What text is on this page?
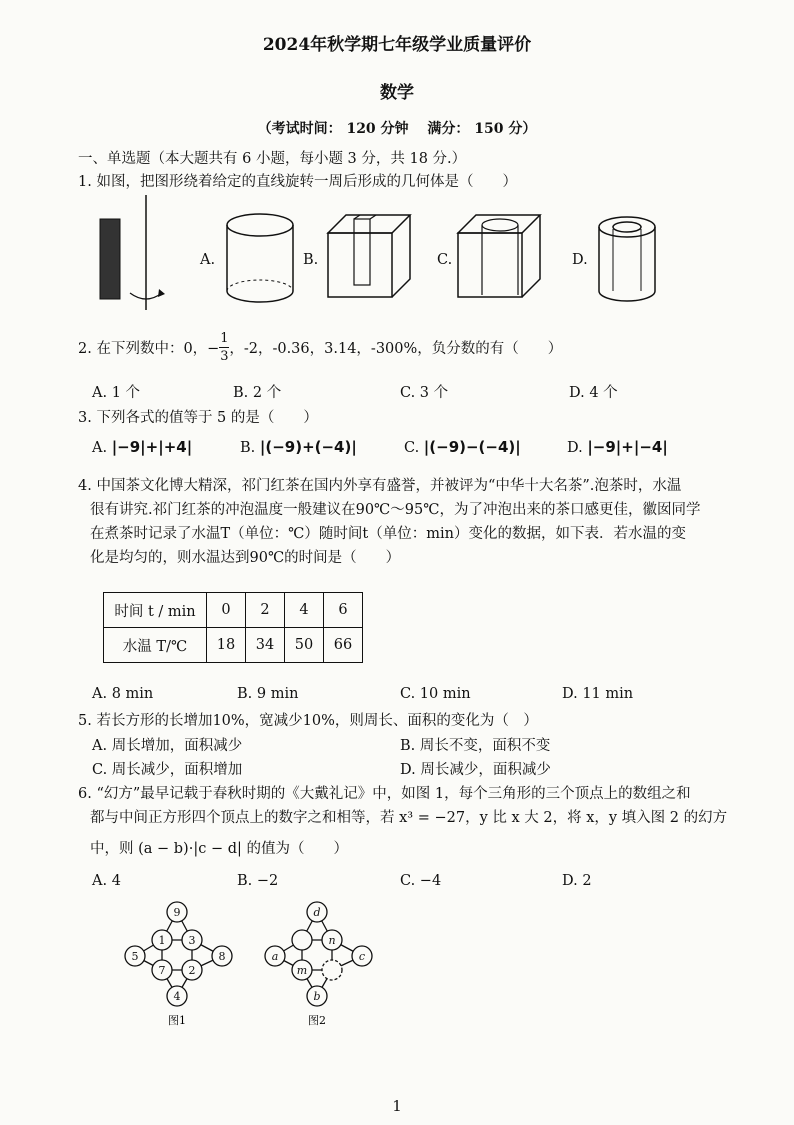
2024年秋学期七年级学业质量评价
数学
（考试时间： 120 分钟　 满分： 150 分）
一、单选题（本大题共有 6 小题，每小题 3 分，共 18 分.）
1. 如图，把图形绕着给定的直线旋转一周后形成的几何体是（　　）
A.	B.	C.	D.
2. 在下列数中：0，− $\frac{1}{3}$ ，-2，-0.36，3.14，-300%，负分数的有（　　）
A. 1 个	B. 2 个	C. 3 个	D. 4 个
3. 下列各式的值等于 5 的是（　　）
A. |−9|+|+4|	B. |(−9)+(−4)|	C. |(−9)−(−4)|	D. |−9|+|−4|
4. 中国茶文化博大精深，祁门红茶在国内外享有盛誉，并被评为“中华十大名茶”.泡茶时，水温
很有讲究.祁门红茶的冲泡温度一般建议在90℃～95℃，为了冲泡出来的茶口感更佳，徽囡同学
在煮茶时记录了水温T（单位：℃）随时间t（单位：min）变化的数据，如下表．若水温的变
化是均匀的，则水温达到90℃的时间是（　　）
时间 t / min	0	2	4	6
水温 T/℃	18	34	50	66
A. 8 min	B. 9 min	C. 10 min	D. 11 min
5. 若长方形的长增加10%，宽减少10%，则周长、面积的变化为（　）
A. 周长增加，面积减少	B. 周长不变，面积不变
C. 周长减少，面积增加	D. 周长减少，面积减少
6. “幻方”最早记载于春秋时期的《大戴礼记》中，如图 1，每个三角形的三个顶点上的数组之和
都与中间正方形四个顶点上的数字之和相等，若 x³ = −27，y 比 x 大 2，将 x，y 填入图 2 的幻方
中，则 (a − b)·|c − d| 的值为（　　）
A. 4	B. −2	C. −4	D. 2
9
1 3
5
7 2
8
4
图1
d
n
a
m
c
b
图2
1
